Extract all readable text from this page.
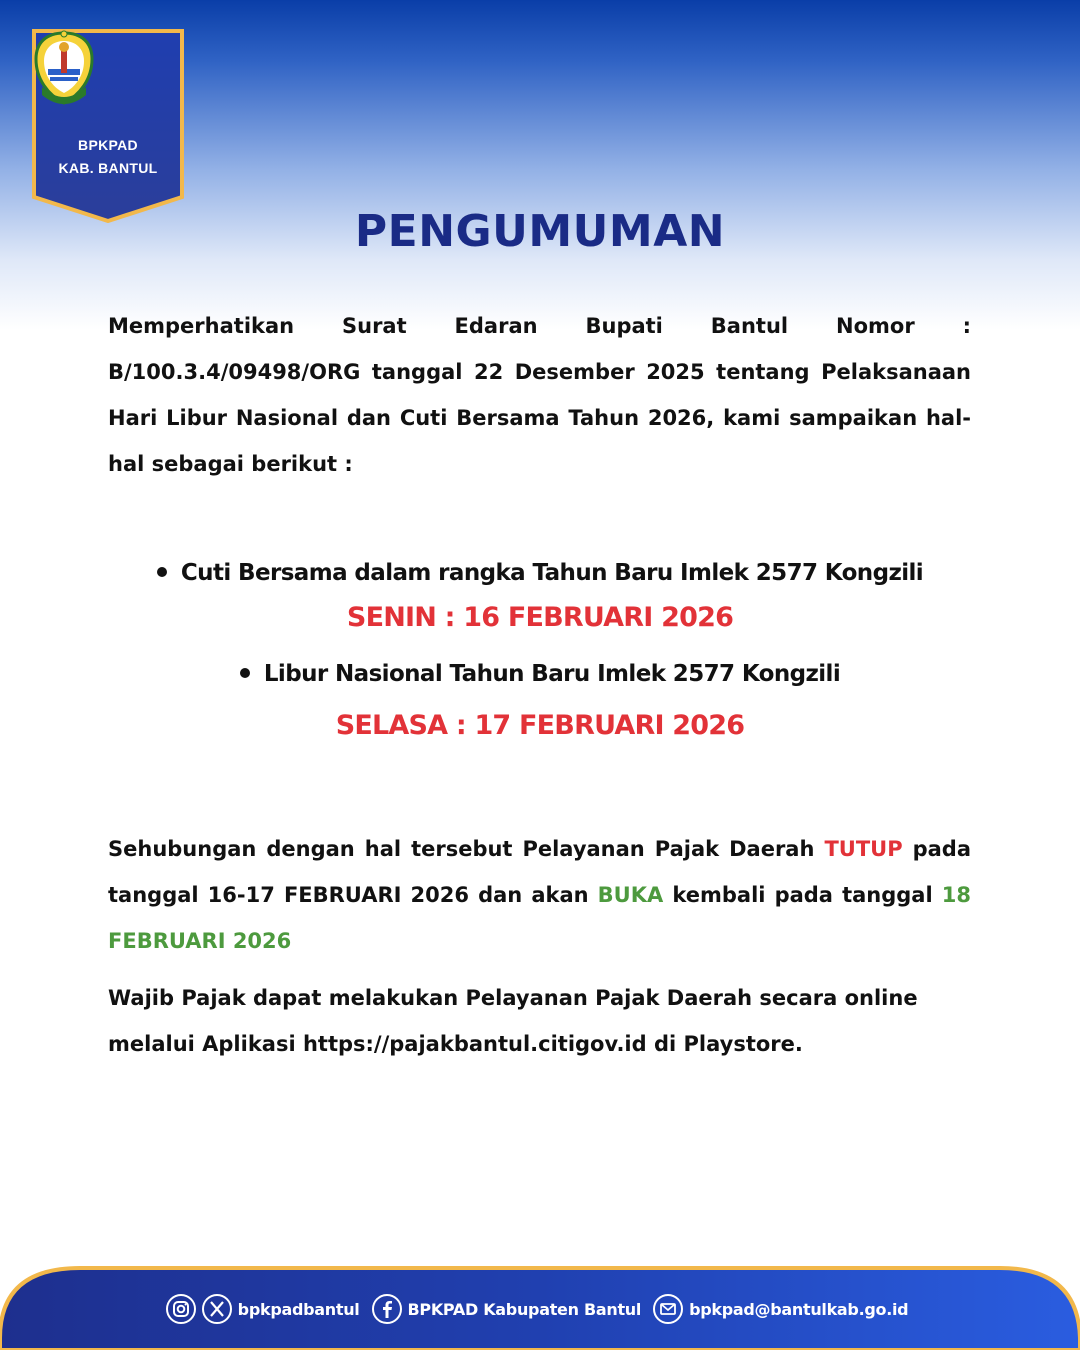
BPKPAD
KAB. BANTUL
PENGUMUMAN
Memperhatikan Surat Edaran Bupati Bantul Nomor : B/100.3.4/09498/ORG tanggal 22 Desember 2025 tentang Pelaksanaan Hari Libur Nasional dan Cuti Bersama Tahun 2026, kami sampaikan hal-hal sebagai berikut :
Cuti Bersama dalam rangka Tahun Baru Imlek 2577 Kongzili
SENIN : 16 FEBRUARI 2026
Libur Nasional Tahun Baru Imlek 2577 Kongzili
SELASA : 17 FEBRUARI 2026
Sehubungan dengan hal tersebut Pelayanan Pajak Daerah TUTUP pada tanggal 16-17 FEBRUARI 2026 dan akan BUKA kembali pada tanggal 18 FEBRUARI 2026
Wajib Pajak dapat melakukan Pelayanan Pajak Daerah secara online melalui Aplikasi https://pajakbantul.citigov.id di Playstore.
bpkpadbantul	BPKPAD Kabupaten Bantul	bpkpad@bantulkab.go.id
